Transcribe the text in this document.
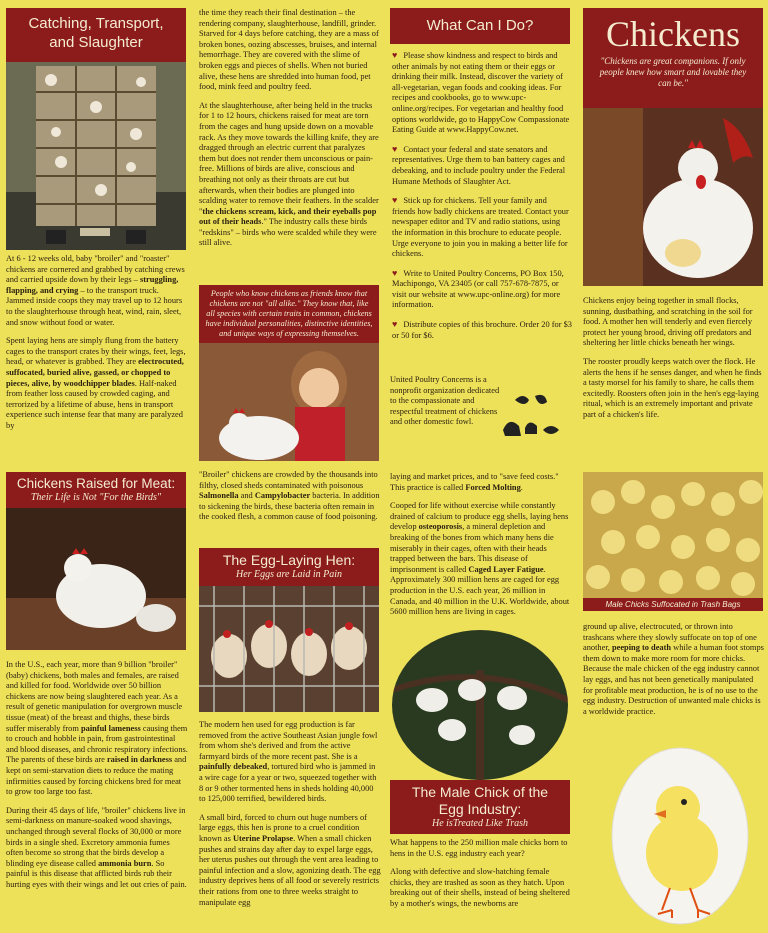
Catching, Transport, and Slaughter

At 6 - 12 weeks old, baby "broiler" and "roaster" chickens are cornered and grabbed by catching crews and carried upside down by their legs – struggling, flapping, and crying – to the transport truck. Jammed inside coops they may travel up to 12 hours to the slaughterhouse through heat, wind, rain, sleet, and snow without food or water.

Spent laying hens are simply flung from the battery cages to the transport crates by their wings, feet, legs, head, or whatever is grabbed. They are electrocuted, suffocated, buried alive, gassed, or chopped to pieces, alive, by woodchipper blades. Half-naked from feather loss caused by crowded caging, and terrorized by a lifetime of abuse, hens in transport experience such intense fear that many are paralyzed by

Chickens Raised for Meat:
Their Life is Not "For the Birds"

In the U.S., each year, more than 9 billion "broiler" (baby) chickens, both males and females, are raised and killed for food. Worldwide over 50 billion chickens are now being slaughtered each year. As a result of genetic manipulation for overgrown muscle tissue (meat) of the breast and thighs, these birds suffer miserably from painful lameness causing them to crouch and hobble in pain, from gastrointestinal and blood diseases, and chronic respiratory infections. The parents of these birds are raised in darkness and kept on semi-starvation diets to reduce the mating infirmities caused by forcing chickens bred for meat to grow too large too fast.

During their 45 days of life, "broiler" chickens live in semi-darkness on manure-soaked wood shavings, unchanged through several flocks of 30,000 or more birds in a single shed. Excretory ammonia fumes often become so strong that the birds develop a blinding eye disease called ammonia burn. So painful is this disease that afflicted birds rub their hurting eyes with their wings and let out cries of pain.

the time they reach their final destination – the rendering company, slaughterhouse, landfill, grinder. Starved for 4 days before catching, they are a mass of broken bones, oozing abscesses, bruises, and internal hemorrhage. They are covered with the slime of broken eggs and pieces of shells. When not buried alive, these hens are shredded into human food, pet food, mink feed and poultry feed.

At the slaughterhouse, after being held in the trucks for 1 to 12 hours, chickens raised for meat are torn from the cages and hung upside down on a movable rack. As they move towards the killing knife, they are dragged through an electric current that paralyzes them but does not render them unconscious or pain-free. Millions of birds are alive, conscious and breathing not only as their throats are cut but afterwards, when their bodies are plunged into scalding water to remove their feathers. In the scalder "the chickens scream, kick, and their eyeballs pop out of their heads." The industry calls these birds "redskins" – birds who were scalded while they were still alive.

People who know chickens as friends know that chickens are not "all alike." They know that, like all species with certain traits in common, chickens have individual personalities, distinctive identities, and unique ways of expressing themselves.

"Broiler" chickens are crowded by the thousands into filthy, closed sheds contaminated with poisonous Salmonella and Campylobacter bacteria. In addition to sickening the birds, these bacteria often remain in the cooked flesh, a common cause of food poisoning.

The Egg-Laying Hen:
Her Eggs are Laid in Pain

The modern hen used for egg production is far removed from the active Southeast Asian jungle fowl from whom she's derived and from the active farmyard birds of the more recent past. She is a painfully debeaked, tortured bird who is jammed in a wire cage for a year or two, squeezed together with 8 or 9 other tormented hens in sheds holding 40,000 to 125,000 terrified, bewildered birds.

A small bird, forced to churn out huge numbers of large eggs, this hen is prone to a cruel condition known as Uterine Prolapse. When a small chicken pushes and strains day after day to expel large eggs, her uterus pushes out through the vent area leading to painful infection and a slow, agonizing death. The egg industry deprives hens of all food or severely restricts their rations from one to three weeks straight to manipulate egg

What Can I Do?

♥ Please show kindness and respect to birds and other animals by not eating them or their eggs or drinking their milk. Instead, discover the variety of all-vegetarian, vegan foods and cooking ideas. For recipes and cookbooks, go to www.upc-online.org/recipes. For vegetarian and healthy food options worldwide, go to HappyCow Compassionate Eating Guide at www.HappyCow.net.

♥ Contact your federal and state senators and representatives. Urge them to ban battery cages and debeaking, and to include poultry under the Federal Humane Methods of Slaughter Act.

♥ Stick up for chickens. Tell your family and friends how badly chickens are treated. Contact your newspaper editor and TV and radio stations, using the information in this brochure to educate people. Urge everyone to join you in making a better life for chickens.

♥ Write to United Poultry Concerns, PO Box 150, Machipongo, VA 23405 (or call 757-678-7875, or visit our website at www.upc-online.org) for more information.

♥ Distribute copies of this brochure. Order 20 for $3 or 50 for $6.

United Poultry Concerns is a nonprofit organization dedicated to the compassionate and respectful treatment of chickens and other domestic fowl.

laying and market prices, and to "save feed costs." This practice is called Forced Molting.

Cooped for life without exercise while constantly drained of calcium to produce egg shells, laying hens develop osteoporosis, a mineral depletion and breaking of the bones from which many hens die miserably in their cages, often with their heads trapped between the bars. This disease of imprisonment is called Caged Layer Fatigue. Approximately 300 million hens are caged for egg production in the U.S. each year, 26 million in Canada, and 40 million in the U.K. Worldwide, about 5600 million hens are living in cages.

The Male Chick of the Egg Industry:
He isTreated Like Trash

What happens to the 250 million male chicks born to hens in the U.S. egg industry each year?

Along with defective and slow-hatching female chicks, they are trashed as soon as they hatch. Upon breaking out of their shells, instead of being sheltered by a mother's wings, the newborns are

Chickens
"Chickens are great companions. If only people knew how smart and lovable they can be."

Chickens enjoy being together in small flocks, sunning, dustbathing, and scratching in the soil for food. A mother hen will tenderly and even fiercely protect her young brood, driving off predators and sheltering her little chicks beneath her wings.

The rooster proudly keeps watch over the flock. He alerts the hens if he senses danger, and when he finds a tasty morsel for his family to share, he calls them excitedly. Roosters often join in the hen's egg-laying ritual, which is an extremely important and private part of a chicken's life.

Male Chicks Suffocated in Trash Bags

ground up alive, electrocuted, or thrown into trashcans where they slowly suffocate on top of one another, peeping to death while a human foot stomps them down to make more room for more chicks. Because the male chicken of the egg industry cannot lay eggs, and has not been genetically manipulated for profitable meat production, he is of no use to the egg industry. Destruction of unwanted male chicks is a worldwide practice.
